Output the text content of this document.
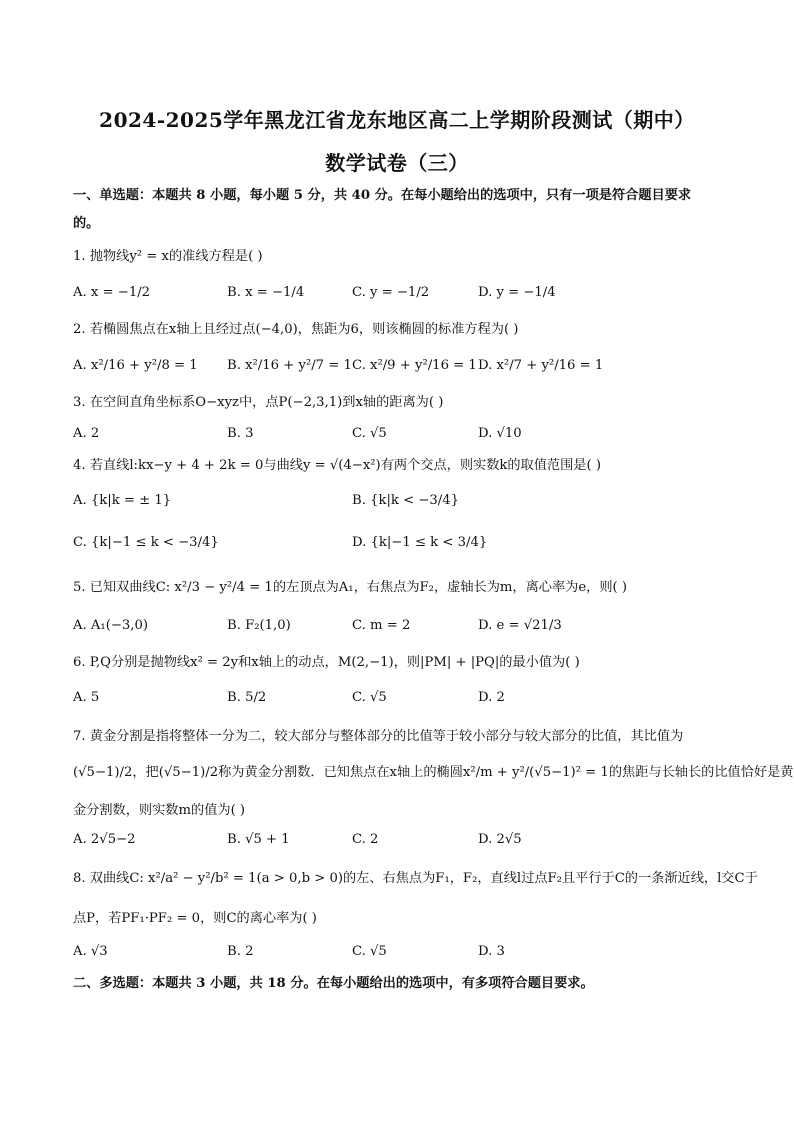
2024-2025学年黑龙江省龙东地区高二上学期阶段测试（期中）
数学试卷（三）
一、单选题：本题共 8 小题，每小题 5 分，共 40 分。在每小题给出的选项中，只有一项是符合题目要求
的。
1. 抛物线y² = x的准线方程是( )
A. x = −1/2	B. x = −1/4	C. y = −1/2	D. y = −1/4
2. 若椭圆焦点在x轴上且经过点(−4,0)，焦距为6，则该椭圆的标准方程为( )
A. x²/16 + y²/8 = 1 B. x²/16 + y²/7 = 1 C. x²/9 + y²/16 = 1 D. x²/7 + y²/16 = 1
3. 在空间直角坐标系O−xyz中，点P(−2,3,1)到x轴的距离为( )
A. 2	B. 3	C. √5	D. √10
4. 若直线l:kx−y + 4 + 2k = 0与曲线y = √(4−x²)有两个交点，则实数k的取值范围是( )
A. {k|k = ± 1}	B. {k|k < −3/4}
C. {k|−1 ≤ k < −3/4}	D. {k|−1 ≤ k < 3/4}
5. 已知双曲线C: x²/3 − y²/4 = 1的左顶点为A₁，右焦点为F₂，虚轴长为m，离心率为e，则( )
A. A₁(−3,0)	B. F₂(1,0)	C. m = 2	D. e = √21/3
6. P,Q分别是抛物线x² = 2y和x轴上的动点，M(2,−1)，则|PM| + |PQ|的最小值为( )
A. 5	B. 5/2	C. √5	D. 2
7. 黄金分割是指将整体一分为二，较大部分与整体部分的比值等于较小部分与较大部分的比值，其比值为
(√5−1)/2，把(√5−1)/2称为黄金分割数．已知焦点在x轴上的椭圆x²/m + y²/(√5−1)² = 1的焦距与长轴长的比值恰好是黄
金分割数，则实数m的值为( )
A. 2√5−2	B. √5 + 1	C. 2	D. 2√5
8. 双曲线C: x²/a² − y²/b² = 1(a > 0,b > 0)的左、右焦点为F₁，F₂，直线l过点F₂且平行于C的一条渐近线，l交C于
点P，若PF₁·PF₂ = 0，则C的离心率为( )
A. √3	B. 2	C. √5	D. 3
二、多选题：本题共 3 小题，共 18 分。在每小题给出的选项中，有多项符合题目要求。
